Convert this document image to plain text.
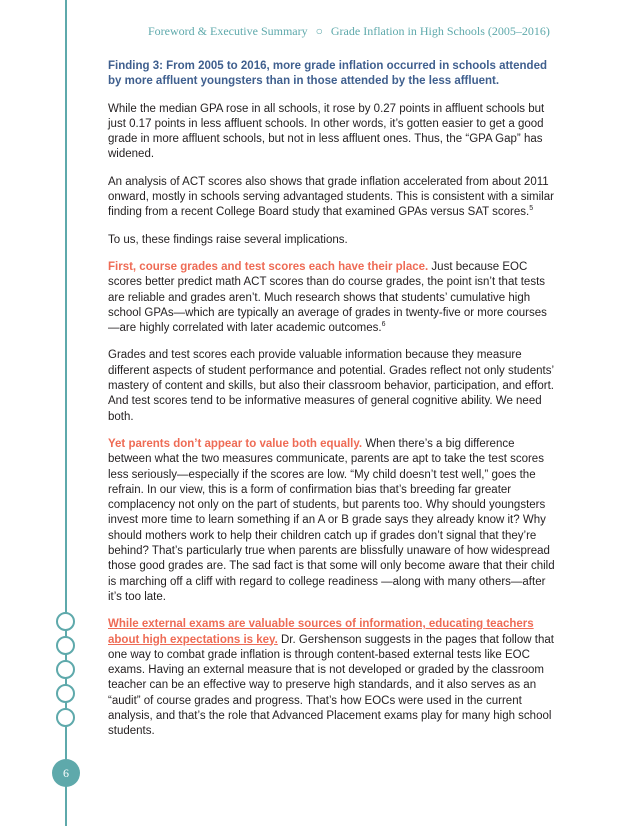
6
Foreword & Executive Summary ○ Grade Inflation in High Schools (2005–2016)

Finding 3: From 2005 to 2016, more grade inflation occurred in schools attended by more affluent youngsters than in those attended by the less affluent.

While the median GPA rose in all schools, it rose by 0.27 points in affluent schools but just 0.17 points in less affluent schools. In other words, it’s gotten easier to get a good grade in more affluent schools, but not in less affluent ones. Thus, the “GPA Gap” has widened.

An analysis of ACT scores also shows that grade inflation accelerated from about 2011 onward, mostly in schools serving advantaged students. This is consistent with a similar finding from a recent College Board study that examined GPAs versus SAT scores.$^5$

To us, these findings raise several implications.

First, course grades and test scores each have their place. Just because EOC scores better predict math ACT scores than do course grades, the point isn’t that tests are reliable and grades aren’t. Much research shows that students’ cumulative high school GPAs—which are typically an average of grades in twenty-five or more courses—are highly correlated with later academic outcomes.$^6$

Grades and test scores each provide valuable information because they measure different aspects of student performance and potential. Grades reflect not only students’ mastery of content and skills, but also their classroom behavior, participation, and effort. And test scores tend to be informative measures of general cognitive ability. We need both.

Yet parents don’t appear to value both equally. When there’s a big difference between what the two measures communicate, parents are apt to take the test scores less seriously—especially if the scores are low. “My child doesn’t test well,” goes the refrain. In our view, this is a form of confirmation bias that’s breeding far greater complacency not only on the part of students, but parents too. Why should youngsters invest more time to learn something if an A or B grade says they already know it? Why should mothers work to help their children catch up if grades don’t signal that they’re behind? That’s particularly true when parents are blissfully unaware of how widespread those good grades are. The sad fact is that some will only become aware that their child is marching off a cliff with regard to college readiness —along with many others—after it’s too late.

While external exams are valuable sources of information, educating teachers about high expectations is key. Dr. Gershenson suggests in the pages that follow that one way to combat grade inflation is through content-based external tests like EOC exams. Having an external measure that is not developed or graded by the classroom teacher can be an effective way to preserve high standards, and it also serves as an “audit” of course grades and progress. That’s how EOCs were used in the current analysis, and that’s the role that Advanced Placement exams play for many high school students.
